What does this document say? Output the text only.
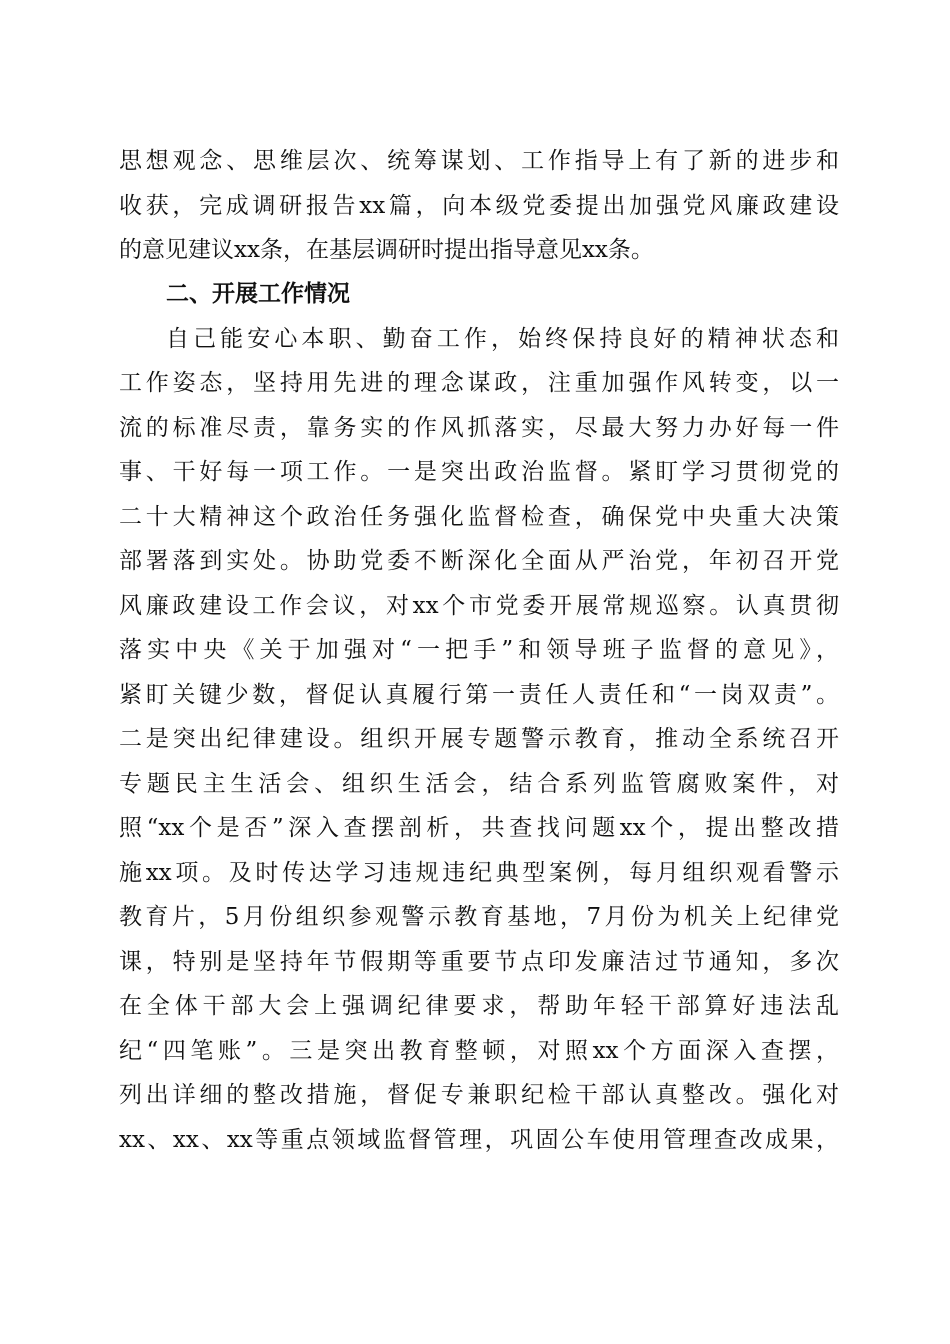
思想观念、思维层次、统筹谋划、工作指导上有了新的进步和
收获，完成调研报告xx篇，向本级党委提出加强党风廉政建设
的意见建议xx条，在基层调研时提出指导意见xx条。
二、开展工作情况
自己能安心本职、勤奋工作，始终保持良好的精神状态和
工作姿态，坚持用先进的理念谋政，注重加强作风转变，以一
流的标准尽责，靠务实的作风抓落实，尽最大努力办好每一件
事、干好每一项工作。一是突出政治监督。紧盯学习贯彻党的
二十大精神这个政治任务强化监督检查，确保党中央重大决策
部署落到实处。协助党委不断深化全面从严治党，年初召开党
风廉政建设工作会议，对xx个市党委开展常规巡察。认真贯彻
落实中央《关于加强对“一把手”和领导班子监督的意见》，
紧盯关键少数，督促认真履行第一责任人责任和“一岗双责”。
二是突出纪律建设。组织开展专题警示教育，推动全系统召开
专题民主生活会、组织生活会，结合系列监管腐败案件，对
照“xx个是否”深入查摆剖析，共查找问题xx个，提出整改措
施xx项。及时传达学习违规违纪典型案例，每月组织观看警示
教育片，5月份组织参观警示教育基地，7月份为机关上纪律党
课，特别是坚持年节假期等重要节点印发廉洁过节通知，多次
在全体干部大会上强调纪律要求，帮助年轻干部算好违法乱
纪“四笔账”。三是突出教育整顿，对照xx个方面深入查摆，
列出详细的整改措施，督促专兼职纪检干部认真整改。强化对
xx、xx、xx等重点领域监督管理，巩固公车使用管理查改成果，
